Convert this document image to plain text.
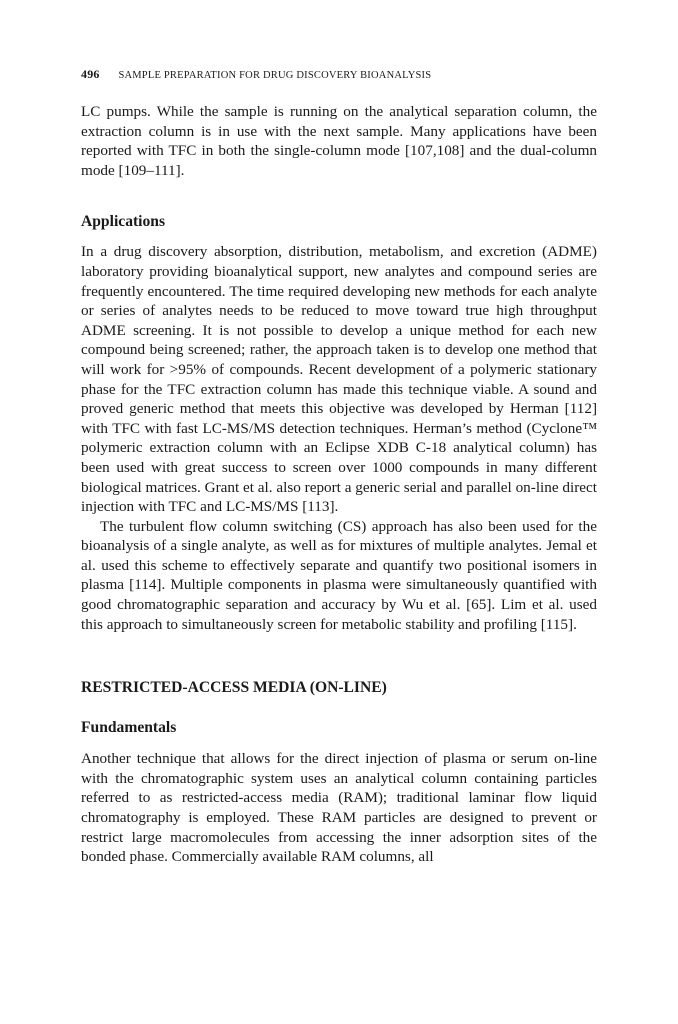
496 SAMPLE PREPARATION FOR DRUG DISCOVERY BIOANALYSIS

LC pumps. While the sample is running on the analytical separation column, the extraction column is in use with the next sample. Many applications have been reported with TFC in both the single-column mode [107,108] and the dual-column mode [109–111].

Applications

In a drug discovery absorption, distribution, metabolism, and excretion (ADME) laboratory providing bioanalytical support, new analytes and compound series are frequently encountered. The time required developing new methods for each analyte or series of analytes needs to be reduced to move toward true high throughput ADME screening. It is not possible to develop a unique method for each new compound being screened; rather, the approach taken is to develop one method that will work for >95% of compounds. Recent development of a polymeric stationary phase for the TFC extraction column has made this technique viable. A sound and proved generic method that meets this objective was developed by Herman [112] with TFC with fast LC-MS/MS detection techniques. Herman’s method (Cyclone™ polymeric extraction column with an Eclipse XDB C-18 analytical column) has been used with great success to screen over 1000 compounds in many different biological matrices. Grant et al. also report a generic serial and parallel on-line direct injection with TFC and LC-MS/MS [113].

The turbulent flow column switching (CS) approach has also been used for the bioanalysis of a single analyte, as well as for mixtures of multiple analytes. Jemal et al. used this scheme to effectively separate and quantify two positional isomers in plasma [114]. Multiple components in plasma were simultaneously quantified with good chromatographic separation and accuracy by Wu et al. [65]. Lim et al. used this approach to simultaneously screen for metabolic stability and profiling [115].

RESTRICTED-ACCESS MEDIA (ON-LINE)
Fundamentals

Another technique that allows for the direct injection of plasma or serum on-line with the chromatographic system uses an analytical column containing particles referred to as restricted-access media (RAM); traditional laminar flow liquid chromatography is employed. These RAM particles are designed to prevent or restrict large macromolecules from accessing the inner adsorption sites of the bonded phase. Commercially available RAM columns, all
